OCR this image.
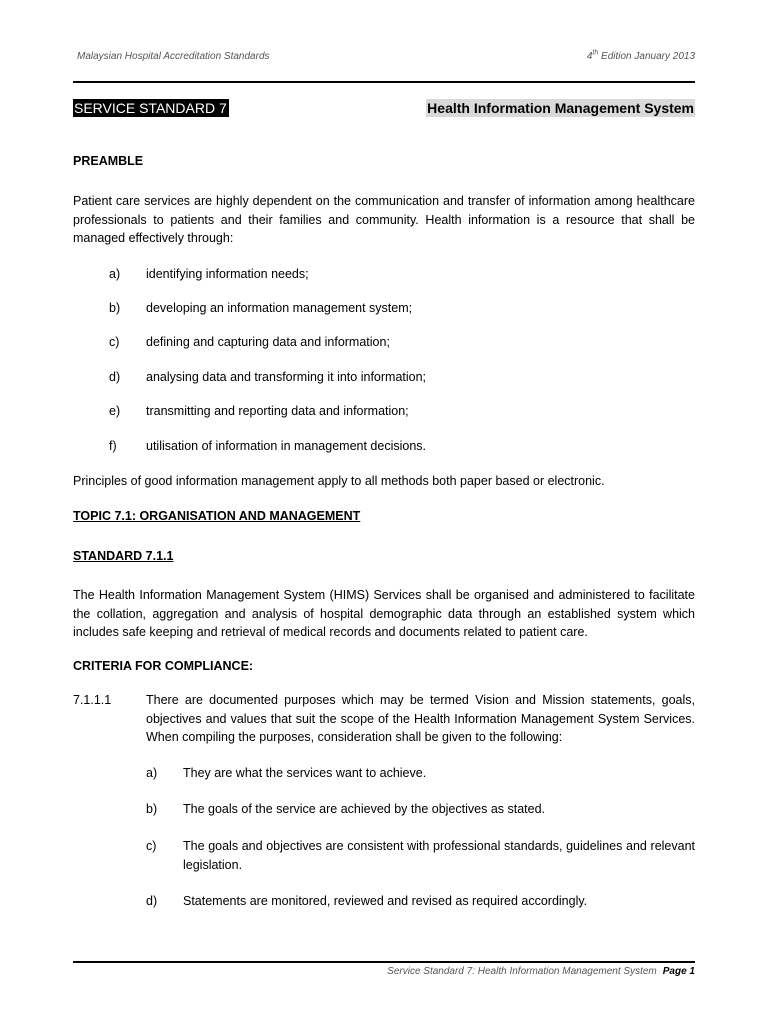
Malaysian Hospital Accreditation Standards	4th Edition January 2013
SERVICE STANDARD 7	Health Information Management System
PREAMBLE
Patient care services are highly dependent on the communication and transfer of information among healthcare professionals to patients and their families and community. Health information is a resource that shall be managed effectively through:
a) identifying information needs;
b) developing an information management system;
c) defining and capturing data and information;
d) analysing data and transforming it into information;
e) transmitting and reporting data and information;
f) utilisation of information in management decisions.
Principles of good information management apply to all methods both paper based or electronic.
TOPIC 7.1: ORGANISATION AND MANAGEMENT
STANDARD 7.1.1
The Health Information Management System (HIMS) Services shall be organised and administered to facilitate the collation, aggregation and analysis of hospital demographic data through an established system which includes safe keeping and retrieval of medical records and documents related to patient care.
CRITERIA FOR COMPLIANCE:
7.1.1.1	There are documented purposes which may be termed Vision and Mission statements, goals, objectives and values that suit the scope of the Health Information Management System Services. When compiling the purposes, consideration shall be given to the following:
a) They are what the services want to achieve.
b) The goals of the service are achieved by the objectives as stated.
c) The goals and objectives are consistent with professional standards, guidelines and relevant legislation.
d) Statements are monitored, reviewed and revised as required accordingly.
Service Standard 7: Health Information Management System Page 1
